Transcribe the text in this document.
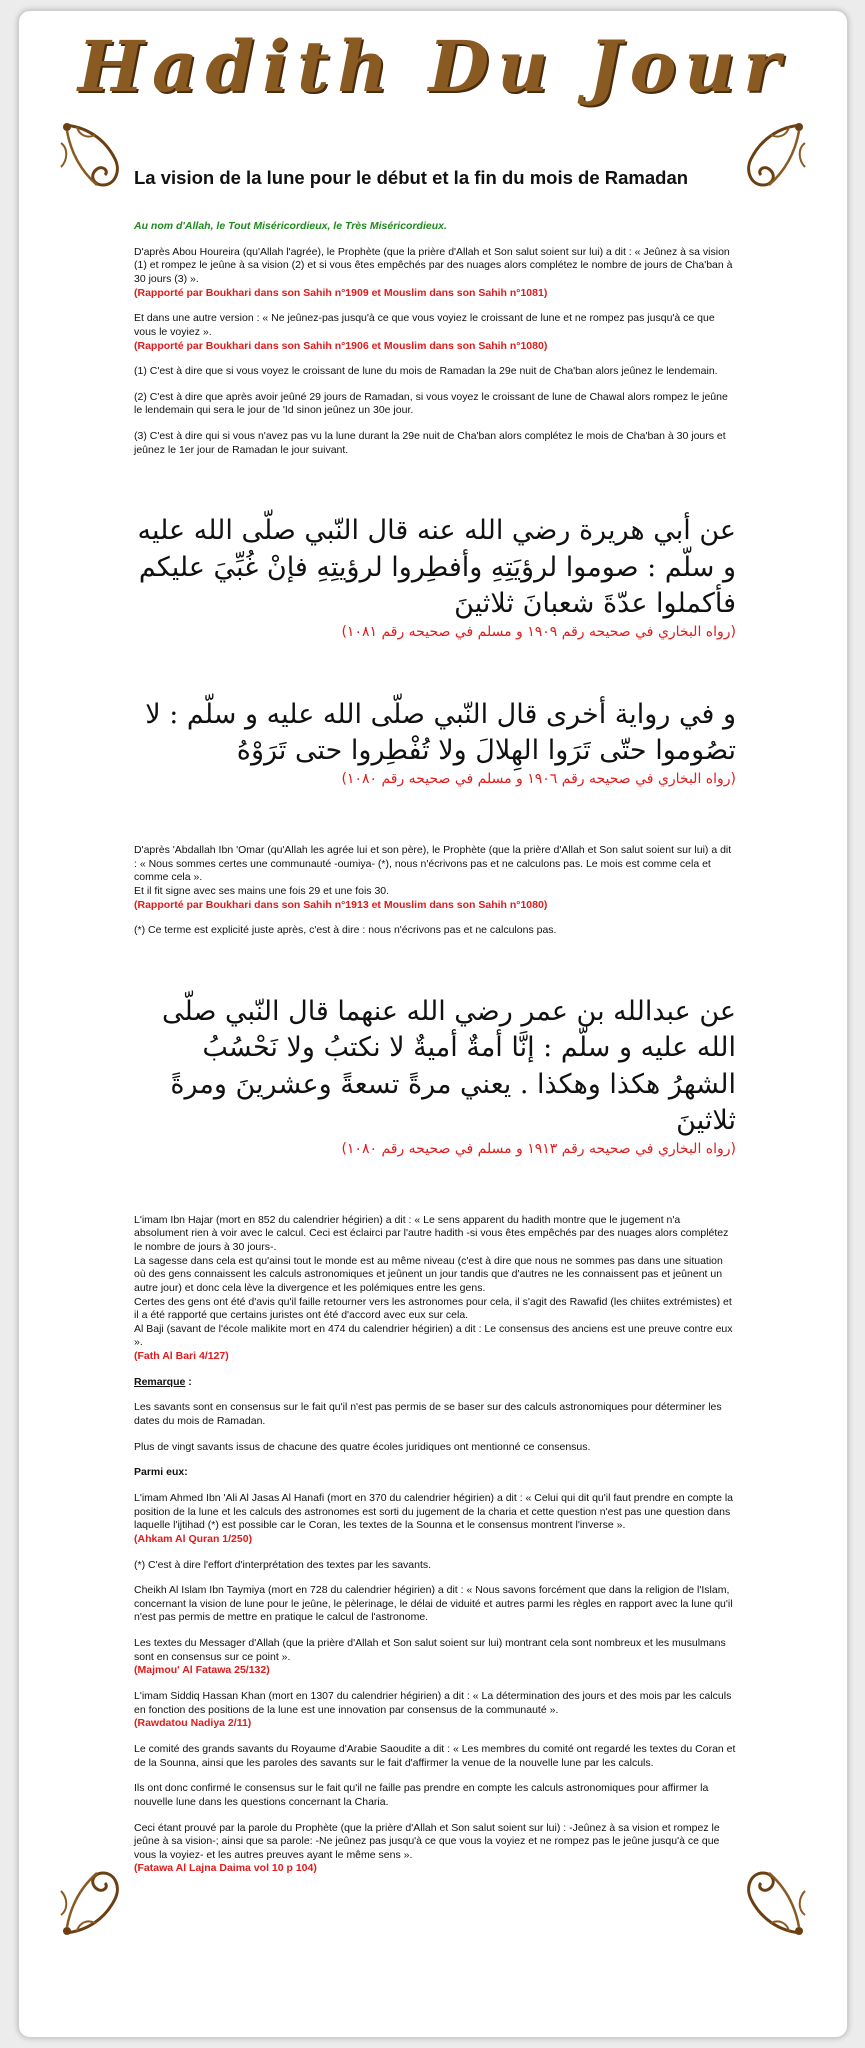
Hadith Du Jour
La vision de la lune pour le début et la fin du mois de Ramadan

Au nom d'Allah, le Tout Miséricordieux, le Très Miséricordieux.

D'après Abou Houreira (qu'Allah l'agrée), le Prophète (que la prière d'Allah et Son salut soient sur lui) a dit : « Jeûnez à sa vision (1) et rompez le jeûne à sa vision (2) et si vous êtes empêchés par des nuages alors complétez le nombre de jours de Cha'ban à 30 jours (3) ».
(Rapporté par Boukhari dans son Sahih n°1909 et Mouslim dans son Sahih n°1081)

Et dans une autre version : « Ne jeûnez-pas jusqu'à ce que vous voyiez le croissant de lune et ne rompez pas jusqu'à ce que vous le voyiez ».
(Rapporté par Boukhari dans son Sahih n°1906 et Mouslim dans son Sahih n°1080)

(1) C'est à dire que si vous voyez le croissant de lune du mois de Ramadan la 29e nuit de Cha'ban alors jeûnez le lendemain.

(2) C'est à dire que après avoir jeûné 29 jours de Ramadan, si vous voyez le croissant de lune de Chawal alors rompez le jeûne le lendemain qui sera le jour de 'Id sinon jeûnez un 30e jour.

(3) C'est à dire qui si vous n'avez pas vu la lune durant la 29e nuit de Cha'ban alors complétez le mois de Cha'ban à 30 jours et jeûnez le 1er jour de Ramadan le jour suivant.

عن أبي هريرة رضي الله عنه قال النّبي صلّى الله عليه و سلّم : صوموا لرؤيَتِهِ وأفطِروا لرؤيتِهِ فإنْ غُبِّيَ عليكم فأكملوا عدّةَ شعبانَ ثلاثينَ

(رواه البخاري في صحيحه رقم ١٩٠٩ و مسلم في صحيحه رقم ١٠٨١)

و في رواية أخرى قال النّبي صلّى الله عليه و سلّم : لا تصُوموا حتّى تَرَوا الهِلالَ ولا تُفْطِروا حتى تَرَوْهُ

(رواه البخاري في صحيحه رقم ١٩٠٦ و مسلم في صحيحه رقم ١٠٨٠)

D'après 'Abdallah Ibn 'Omar (qu'Allah les agrée lui et son père), le Prophète (que la prière d'Allah et Son salut soient sur lui) a dit : « Nous sommes certes une communauté -oumiya- (*), nous n'écrivons pas et ne calculons pas. Le mois est comme cela et comme cela ».
Et il fit signe avec ses mains une fois 29 et une fois 30.
(Rapporté par Boukhari dans son Sahih n°1913 et Mouslim dans son Sahih n°1080)

(*) Ce terme est explicité juste après, c'est à dire : nous n'écrivons pas et ne calculons pas.

عن عبدالله بن عمر رضي الله عنهما قال النّبي صلّى الله عليه و سلّم : إنَّا أمةٌ أميةٌ لا نكتبُ ولا نَحْسُبُ الشهرُ هكذا وهكذا . يعني مرةً تسعةً وعشرينَ ومرةً ثلاثينَ

(رواه البخاري في صحيحه رقم ١٩١٣ و مسلم في صحيحه رقم ١٠٨٠)

L'imam Ibn Hajar (mort en 852 du calendrier hégirien) a dit : « Le sens apparent du hadith montre que le jugement n'a absolument rien à voir avec le calcul. Ceci est éclairci par l'autre hadith -si vous êtes empêchés par des nuages alors complétez le nombre de jours à 30 jours-.
La sagesse dans cela est qu'ainsi tout le monde est au même niveau (c'est à dire que nous ne sommes pas dans une situation où des gens connaissent les calculs astronomiques et jeûnent un jour tandis que d'autres ne les connaissent pas et jeûnent un autre jour) et donc cela lève la divergence et les polémiques entre les gens.
Certes des gens ont été d'avis qu'il faille retourner vers les astronomes pour cela, il s'agit des Rawafid (les chiites extrémistes) et il a été rapporté que certains juristes ont été d'accord avec eux sur cela.
Al Baji (savant de l'école malikite mort en 474 du calendrier hégirien) a dit : Le consensus des anciens est une preuve contre eux ».
(Fath Al Bari 4/127)

Remarque :

Les savants sont en consensus sur le fait qu'il n'est pas permis de se baser sur des calculs astronomiques pour déterminer les dates du mois de Ramadan.

Plus de vingt savants issus de chacune des quatre écoles juridiques ont mentionné ce consensus.

Parmi eux:

L'imam Ahmed Ibn 'Ali Al Jasas Al Hanafi (mort en 370 du calendrier hégirien) a dit : « Celui qui dit qu'il faut prendre en compte la position de la lune et les calculs des astronomes est sorti du jugement de la charia et cette question n'est pas une question dans laquelle l'ijtihad (*) est possible car le Coran, les textes de la Sounna et le consensus montrent l'inverse ».
(Ahkam Al Quran 1/250)

(*) C'est à dire l'effort d'interprétation des textes par les savants.

Cheikh Al Islam Ibn Taymiya (mort en 728 du calendrier hégirien) a dit : « Nous savons forcément que dans la religion de l'Islam, concernant la vision de lune pour le jeûne, le pèlerinage, le délai de viduité et autres parmi les règles en rapport avec la lune qu'il n'est pas permis de mettre en pratique le calcul de l'astronome.

Les textes du Messager d'Allah (que la prière d'Allah et Son salut soient sur lui) montrant cela sont nombreux et les musulmans sont en consensus sur ce point ».
(Majmou' Al Fatawa 25/132)

L'imam Siddiq Hassan Khan (mort en 1307 du calendrier hégirien) a dit : « La détermination des jours et des mois par les calculs en fonction des positions de la lune est une innovation par consensus de la communauté ».
(Rawdatou Nadiya 2/11)

Le comité des grands savants du Royaume d'Arabie Saoudite a dit : « Les membres du comité ont regardé les textes du Coran et de la Sounna, ainsi que les paroles des savants sur le fait d'affirmer la venue de la nouvelle lune par les calculs.

Ils ont donc confirmé le consensus sur le fait qu'il ne faille pas prendre en compte les calculs astronomiques pour affirmer la nouvelle lune dans les questions concernant la Charia.

Ceci étant prouvé par la parole du Prophète (que la prière d'Allah et Son salut soient sur lui) : -Jeûnez à sa vision et rompez le jeûne à sa vision-; ainsi que sa parole: -Ne jeûnez pas jusqu'à ce que vous la voyiez et ne rompez pas le jeûne jusqu'à ce que vous la voyiez- et les autres preuves ayant le même sens ».
(Fatawa Al Lajna Daima vol 10 p 104)
